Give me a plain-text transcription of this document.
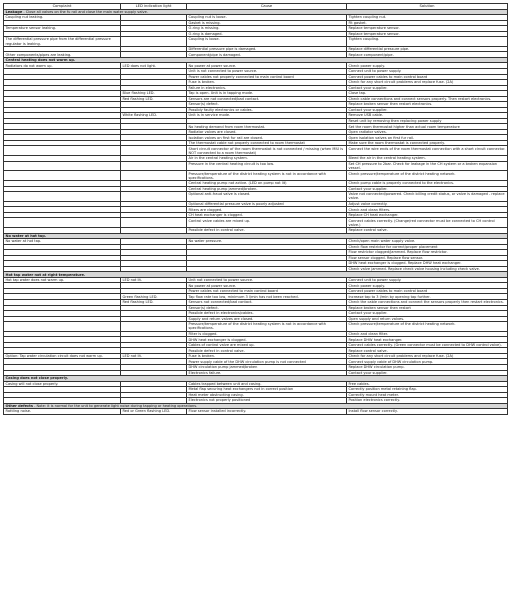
Complaint	LED indication light	Cause	Solution
Leakage - Close all valves on the fu rail and close the main water supply valve.			
Coupling nut leaking.		Coupling nut is loose.	Tighten coupling nut.
		Gasket is missing.	Fit gasket.
Temperature sensor leaking.		O-ring is missing.	Replace temperature sensor.
		O-ring is damaged.	Replace temperature sensor.
The differential pressure pipe from the differential pressure regulator is leaking.		Coupling is loose.	Tighten coupling.
		Differential pressure pipe is damaged.	Replace differential pressure pipe.
Other components/pipes are leaking.		Component/pipe is damaged.	Replace component/pipe.
Central heating does not warm up.			
Radiators do not warm up.	LED does not light.	No power at power source.	Check power supply.
		Unit is not connected to power source.	Connect unit to power supply.
		Power cables not properly connected to main control board	Connect power cables to main control board
		Fuse is broken.	Check for any short circuit problems and replace fuse. (2A)
		Failure in electronics.	Contact your supplier.
	Blue flashing LED.	Tap is open. Unit is in tapping mode.	Close tap.
	Red flashing LED.	Sensors are not connected/bad contact.	Check cable connections and connect sensors properly. Then restart electronics.
		Sensor(s) defect.	Replace broken sensor then restart electronics.
		Possibly faulty electronics or cables.	Contact your supplier.
	White flashing LED.	Unit is in service mode.	Remove USB cable.
			Reset unit by removing then replacing power supply
		No heating demand from room thermostat.	Set the room thermostat higher than actual room temperature
		Radiator valves are closed.	Open radiator valves.
		Isolation valves on first fur rail are closed.	Open isolation valves on first fur rail.
		The thermostat cable not properly connected to room thermostat	Make sure the room thermostat is connected properly.
		Short circuit connector of the room thermostat is not connected / missing (when MIU is NOT connected to a room thermostat)	Connect the wire ends of the room thermostat connection with a short circuit connector.
		Air in the central heating system.	Bleed the air in the central heating system.
		Pressure in the central heating circuit is too low.	Set CH pressure to 2bar. Check for leakage in the CH system or a broken expansion vessel.
		Pressure/temperature of the district heating system is not in accordance with specifications.	Check pressure/temperature of the district heating network.
		Central heating pump not active. (LED on pump not lit)	Check pump cable is properly connected to the electronics.
		Central heating pump jammed/broken.	Contact your supplier.
		Optional anti-fraud valve is closed.	Valve not connected/powered. Check billing credit status, or valve is damaged - replace valve.
		Optional differential pressure valve is poorly adjusted	Adjust valve correctly.
		Filters are clogged.	Check and clean filters.
		CH heat exchanger is clogged.	Replace CH heat exchanger.
		Control valve cables are mixed up.	Connect cables correctly. (Change/red connector must be connected to CH control valve.)
		Possible defect in control valve.	Replace control valve.
No water at hot tap.			
No water at hot tap.		No water pressure.	Check/open main water supply valve.
			Check flow restrictor for correct/proper placement
			Flow restrictor clogged/jammed. Replace flow restrictor.
			Flow sensor clogged. Replace flow sensor.
			DHW heat exchanger is clogged. Replace DHW heat exchanger.
			Check valve jammed. Replace check valve housing including check valve.
Hot tap water not at right temperature.			
Hot tap water does not warm up.	LED not lit.	Unit not connected to power source.	Connect unit to power supply.
		No power at power source.	Check power supply.
		Power cables not connected to main control board	Connect power cables to main control board
	Green flashing LED.	Tap flow rate too low, minimum 3 l/min has not been reached.	Increase tap to 3 l/min by opening tap further.
	Red flashing LED.	Sensors not connected/bad contact.	Check the cable connections and connect the sensors properly then restart electronics.
		Sensor(s) defect.	Replace broken sensor then restart
		Possible defect in electronics/cables.	Contact your supplier.
		Supply and return valves are closed.	Open supply and return valves.
		Pressure/temperature of the district heating system is not in accordance with specifications.	Check pressure/temperature of the district heating network.
		Filter is clogged.	Check and clean filter.
		DHW heat exchanger is clogged.	Replace DHW heat exchanger.
		Cables of control valve are mixed up.	Connect cables correctly. (Green connector must be connected to DHW control valve).
		Possible defect in control valve.	Replace control valve.
Option: Tap water circulation circuit does not warm up.	LED not lit.	Fuse is broken.	Check for any short circuit problems and replace fuse. (2A)
		Power supply cable of the DHW circulation pump is not connected	Connect supply cable of DHW circulation pump.
		DHW circulation pump jammed/broken	Replace DHW circulation pump.
		Electronics failure.	Contact your supplier.
Casing does not close properly.			
Casing will not close properly.		Cables trapped between unit and casing.	Free cables.
		Metal flap securing heat exchangers not in correct position	Correctly position metal retaining flap.
		Heat meter obstructing casing.	Correctly mount heat meter.
		Electronics not properly positioned	Position electronics correctly.
Other defects - Note: it is normal for the unit to generate light noise during tapping or heating operations.			
Rattling noise.	Red or Green flashing LED.	Flow sensor installed incorrectly.	Install flow sensor correctly.
